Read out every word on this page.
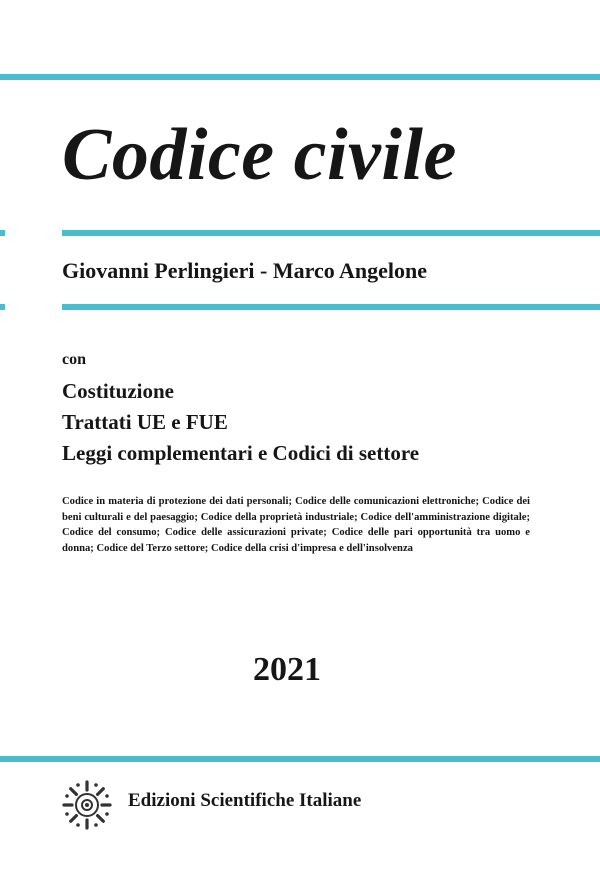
Codice civile
Giovanni Perlingieri - Marco Angelone
con
Costituzione
Trattati UE e FUE
Leggi complementari e Codici di settore
Codice in materia di protezione dei dati personali; Codice delle comunicazioni elettroniche; Codice dei beni culturali e del paesaggio; Codice della proprietà industriale; Codice dell'amministrazione digitale; Codice del consumo; Codice delle assicurazioni private; Codice delle pari opportunità tra uomo e donna; Codice del Terzo settore; Codice della crisi d'impresa e dell'insolvenza
2021
Edizioni Scientifiche Italiane
